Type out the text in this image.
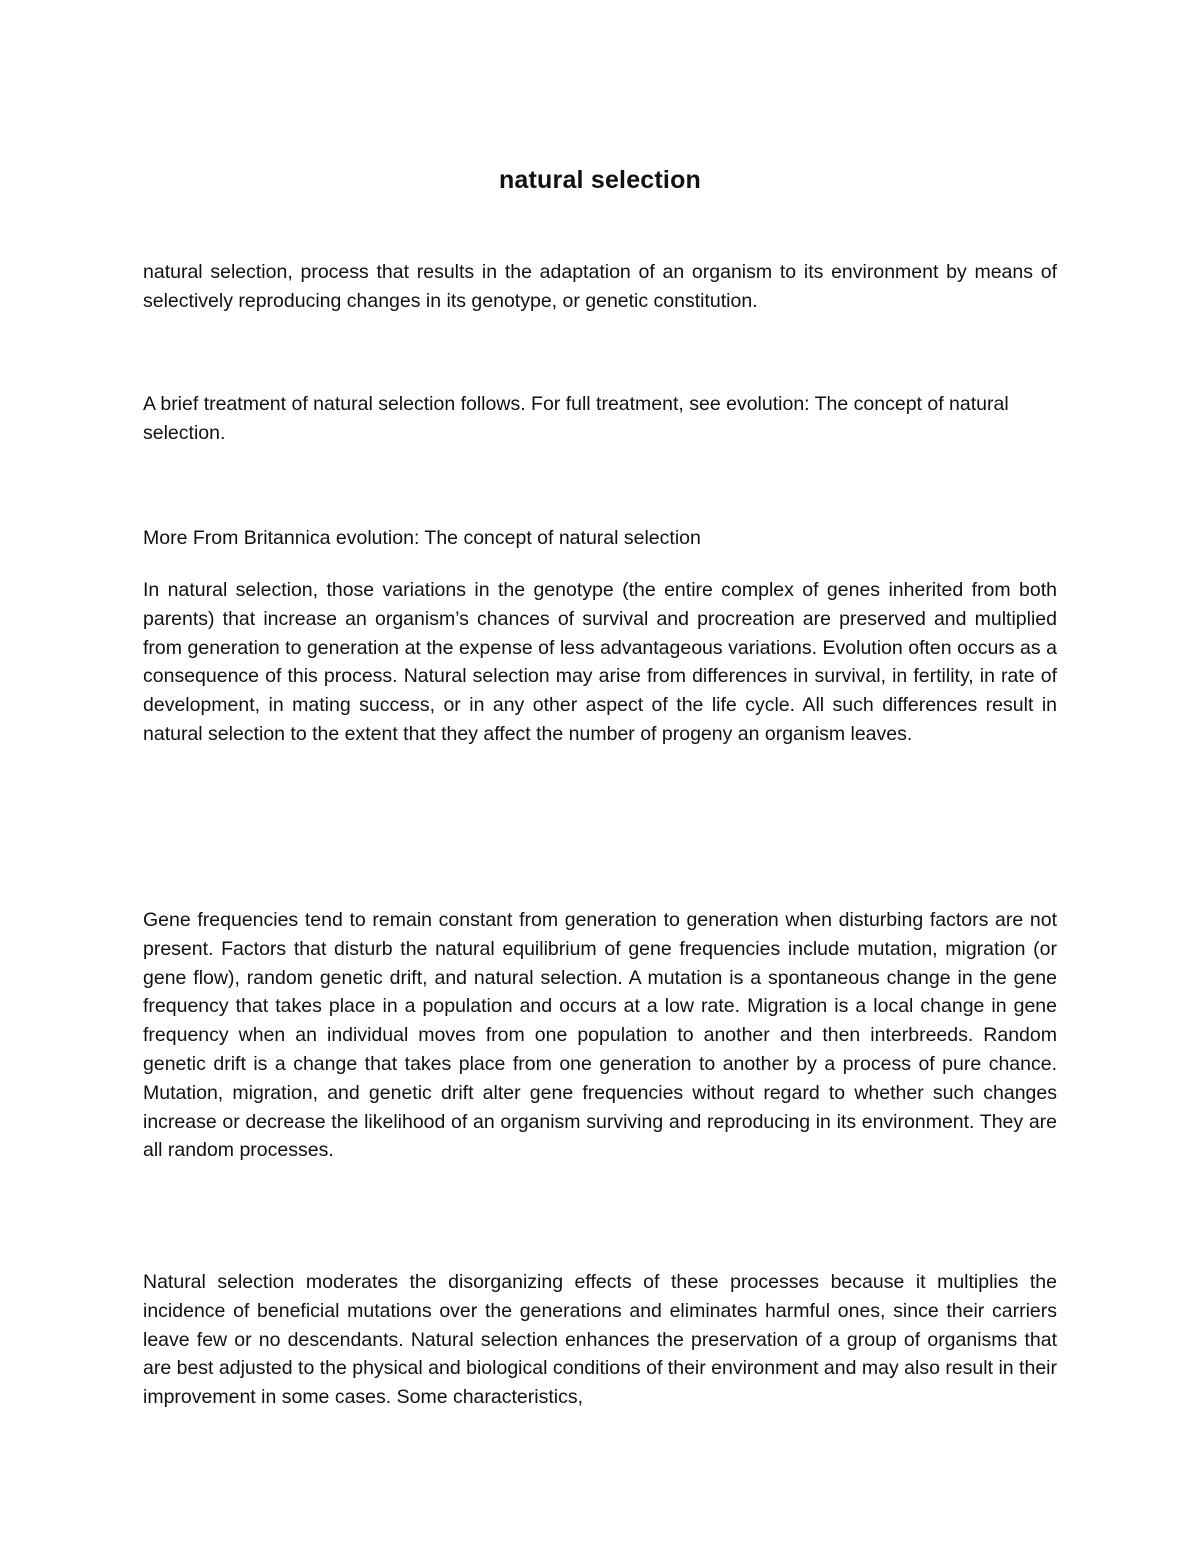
natural selection

natural selection, process that results in the adaptation of an organism to its environment by means of selectively reproducing changes in its genotype, or genetic constitution.

A brief treatment of natural selection follows. For full treatment, see evolution: The concept of natural selection.

More From Britannica evolution: The concept of natural selection

In natural selection, those variations in the genotype (the entire complex of genes inherited from both parents) that increase an organism’s chances of survival and procreation are preserved and multiplied from generation to generation at the expense of less advantageous variations. Evolution often occurs as a consequence of this process. Natural selection may arise from differences in survival, in fertility, in rate of development, in mating success, or in any other aspect of the life cycle. All such differences result in natural selection to the extent that they affect the number of progeny an organism leaves.

Gene frequencies tend to remain constant from generation to generation when disturbing factors are not present. Factors that disturb the natural equilibrium of gene frequencies include mutation, migration (or gene flow), random genetic drift, and natural selection. A mutation is a spontaneous change in the gene frequency that takes place in a population and occurs at a low rate. Migration is a local change in gene frequency when an individual moves from one population to another and then interbreeds. Random genetic drift is a change that takes place from one generation to another by a process of pure chance. Mutation, migration, and genetic drift alter gene frequencies without regard to whether such changes increase or decrease the likelihood of an organism surviving and reproducing in its environment. They are all random processes.

Natural selection moderates the disorganizing effects of these processes because it multiplies the incidence of beneficial mutations over the generations and eliminates harmful ones, since their carriers leave few or no descendants. Natural selection enhances the preservation of a group of organisms that are best adjusted to the physical and biological conditions of their environment and may also result in their improvement in some cases. Some characteristics,
